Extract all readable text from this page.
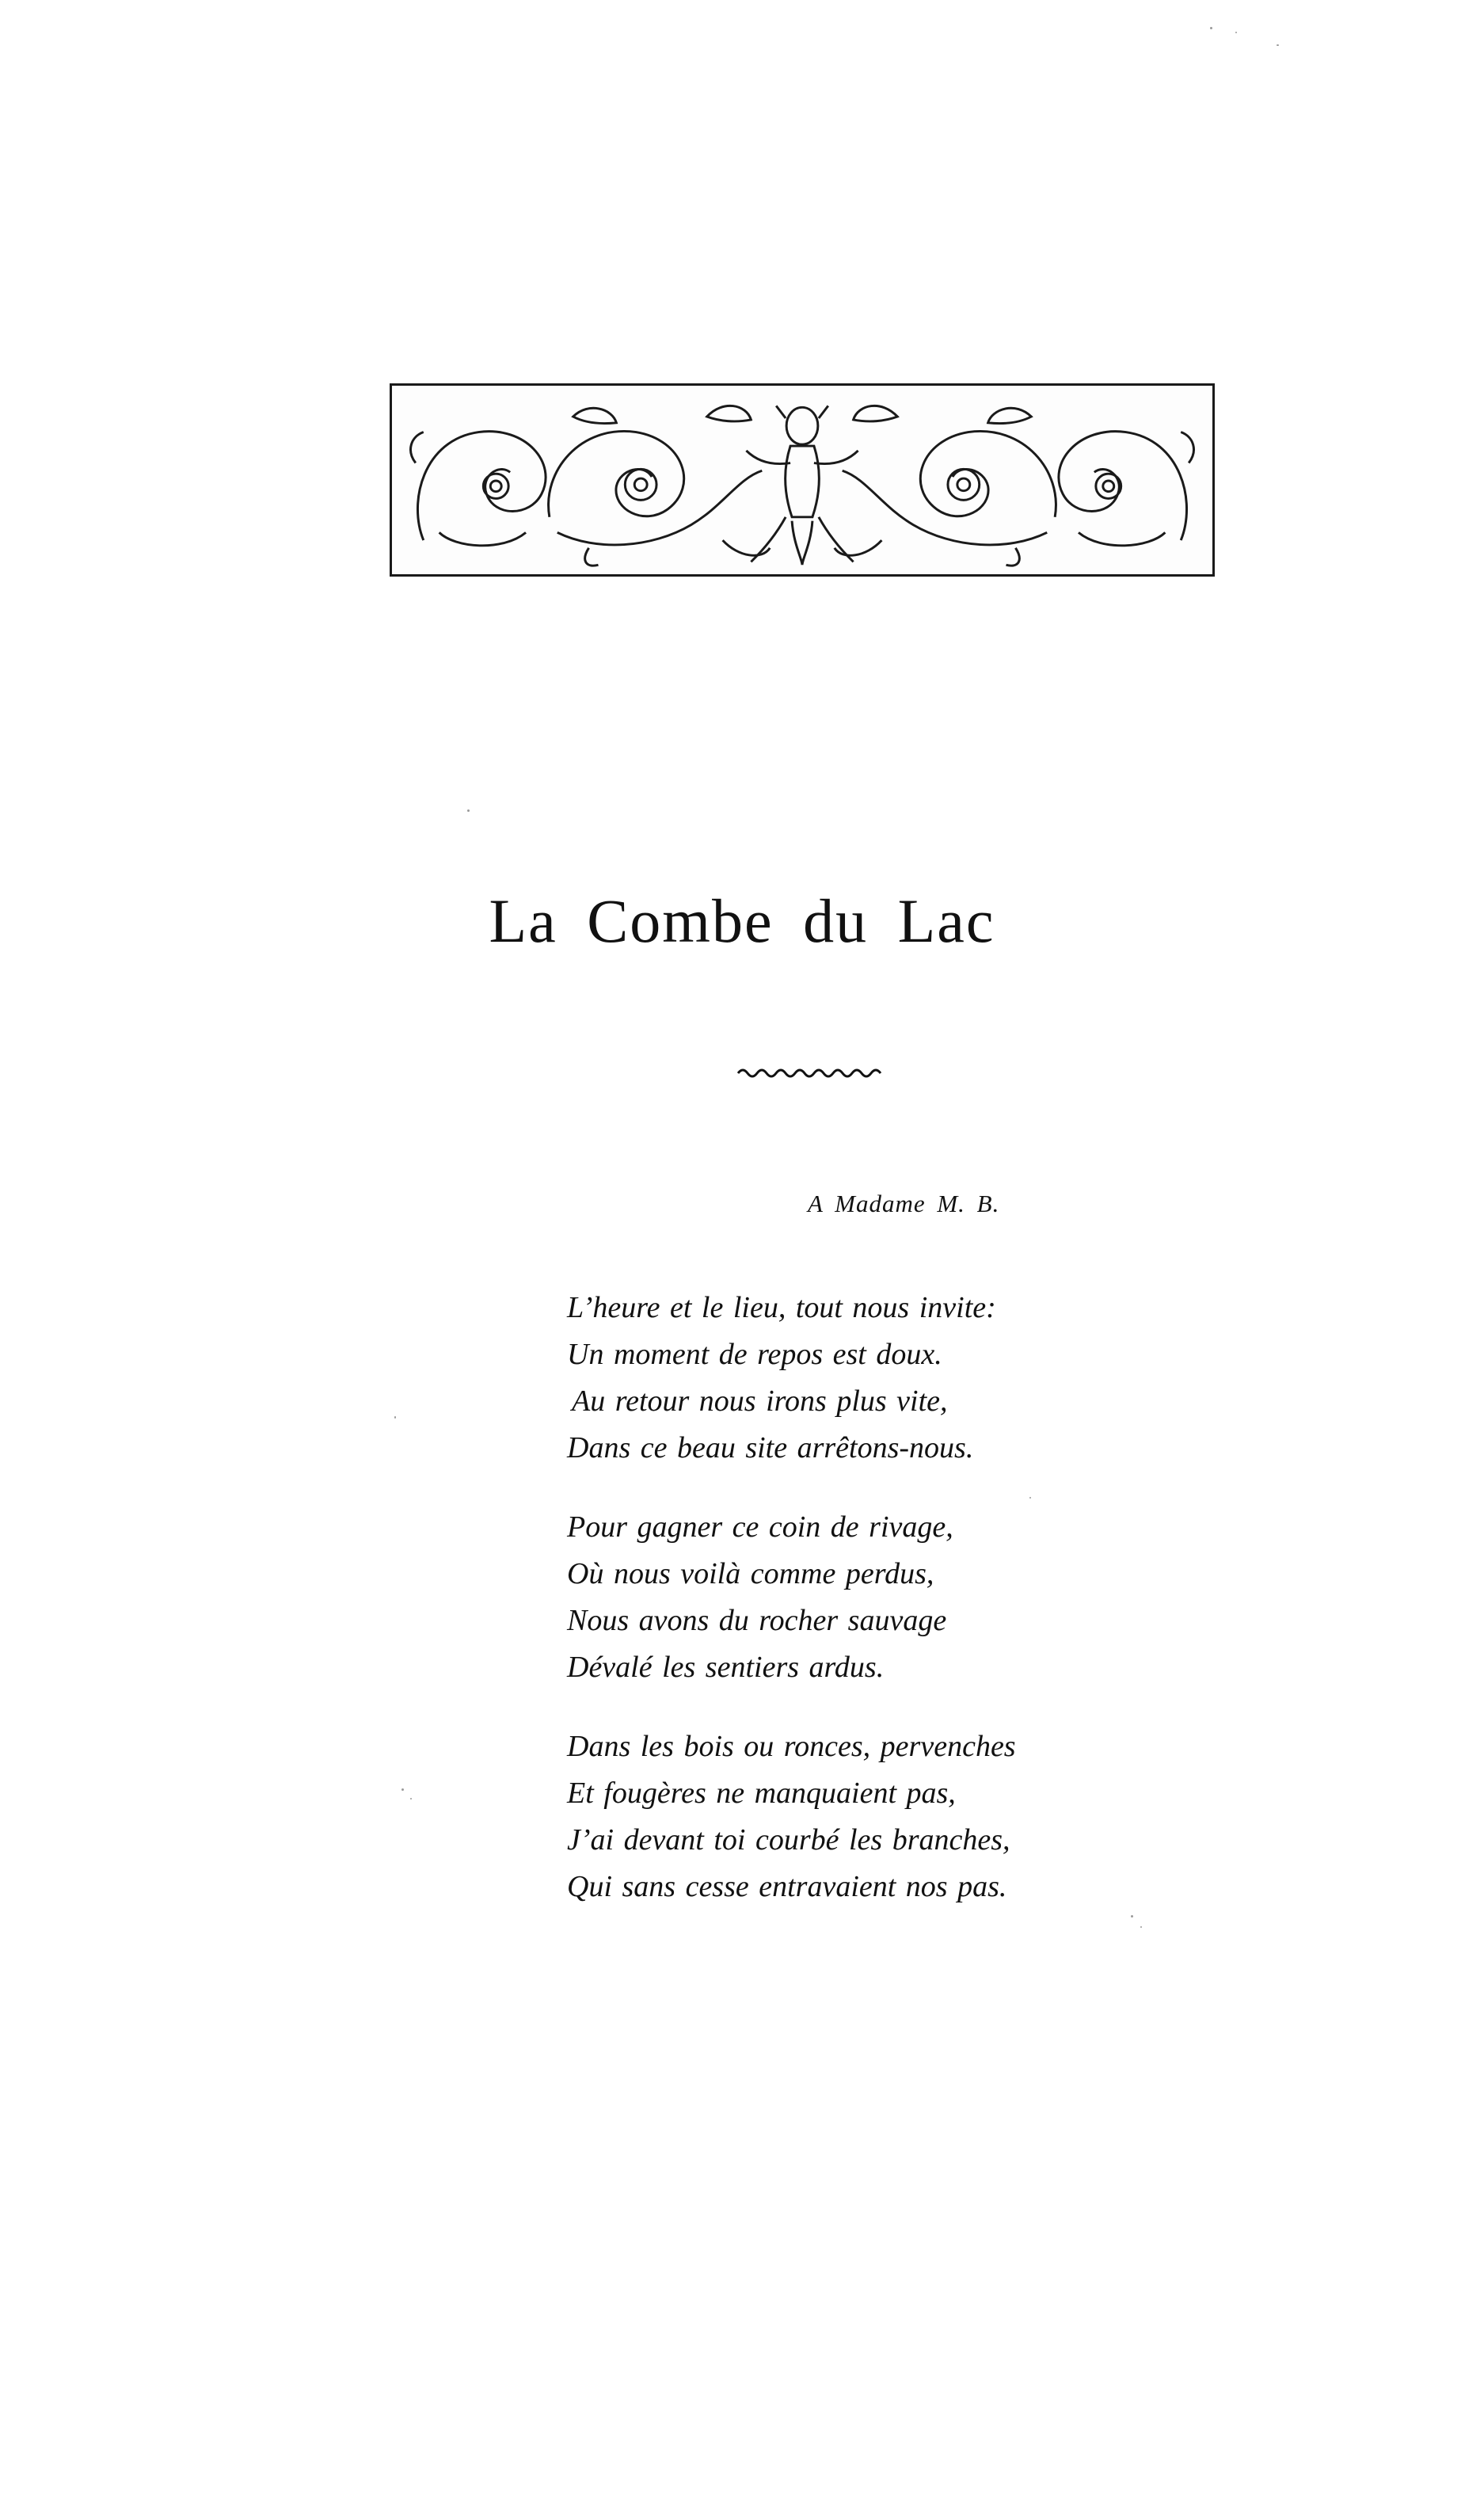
La Combe du Lac
A Madame M. B.
L’heure et le lieu, tout nous invite:
Un moment de repos est doux.
Au retour nous irons plus vite,
Dans ce beau site arrêtons-nous.
Pour gagner ce coin de rivage,
Où nous voilà comme perdus,
Nous avons du rocher sauvage
Dévalé les sentiers ardus.
Dans les bois ou ronces, pervenches
Et fougères ne manquaient pas,
J’ai devant toi courbé les branches,
Qui sans cesse entravaient nos pas.
